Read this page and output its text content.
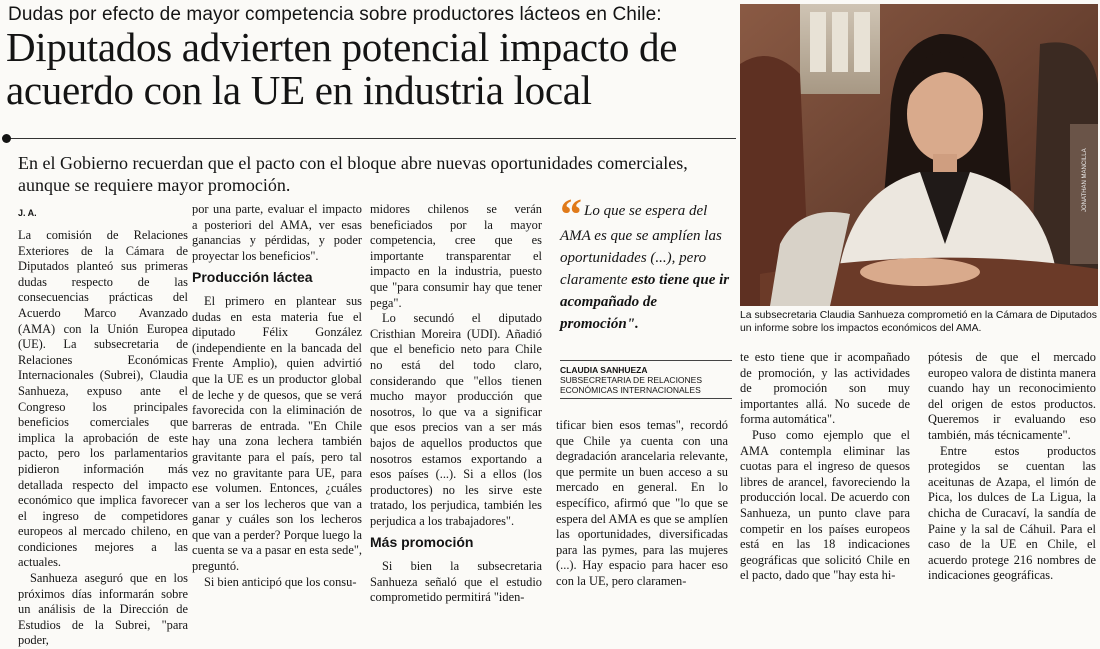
Dudas por efecto de mayor competencia sobre productores lácteos en Chile:
Diputados advierten potencial impacto de acuerdo con la UE en industria local
En el Gobierno recuerdan que el pacto con el bloque abre nuevas oportunidades comerciales, aunque se requiere mayor promoción.
J. A.

La comisión de Relaciones Exteriores de la Cámara de Diputados planteó sus primeras dudas respecto de las consecuencias prácticas del Acuerdo Marco Avanzado (AMA) con la Unión Europea (UE). La subsecretaria de Relaciones Económicas Internacionales (Subrei), Claudia Sanhueza, expuso ante el Congreso los principales beneficios comerciales que implica la aprobación de este pacto, pero los parlamentarios pidieron información más detallada respecto del impacto económico que implica favorecer el ingreso de competidores europeos al mercado chileno, en condiciones mejores a las actuales.

Sanhueza aseguró que en los próximos días informarán sobre un análisis de la Dirección de Estudios de la Subrei, "para poder,

por una parte, evaluar el impacto a posteriori del AMA, ver esas ganancias y pérdidas, y poder proyectar los beneficios".

Producción láctea

El primero en plantear sus dudas en esta materia fue el diputado Félix González (independiente en la bancada del Frente Amplio), quien advirtió que la UE es un productor global de leche y de quesos, que se verá favorecida con la eliminación de barreras de entrada. "En Chile hay una zona lechera también gravitante para el país, pero tal vez no gravitante para UE, para ese volumen. Entonces, ¿cuáles van a ser los lecheros que van a ganar y cuáles son los lecheros que van a perder? Porque luego la cuenta se va a pasar en esta sede", preguntó.

Si bien anticipó que los consu-

midores chilenos se verán beneficiados por la mayor competencia, cree que es importante transparentar el impacto en la industria, puesto que "para consumir hay que tener pega".

Lo secundó el diputado Cristhian Moreira (UDI). Añadió que el beneficio neto para Chile no está del todo claro, considerando que "ellos tienen mucho mayor producción que nosotros, lo que va a significar que esos precios van a ser más bajos de aquellos productos que nosotros estamos exportando a esos países (...). Si a ellos (los productores) no les sirve este tratado, los perjudica, también les perjudica a los trabajadores".

Más promoción

Si bien la subsecretaria Sanhueza señaló que el estudio comprometido permitirá "iden-

“ Lo que se espera del AMA es que se amplíen las oportunidades (...), pero claramente esto tiene que ir acompañado de promoción".
CLAUDIA SANHUEZA
SUBSECRETARIA DE RELACIONES ECONÓMICAS INTERNACIONALES

tificar bien esos temas", recordó que Chile ya cuenta con una degradación arancelaria relevante, que permite un buen acceso a su mercado en general. En lo específico, afirmó que "lo que se espera del AMA es que se amplíen las oportunidades, diversificadas para las pymes, para las mujeres (...). Hay espacio para hacer eso con la UE, pero claramen-

te esto tiene que ir acompañado de promoción, y las actividades de promoción son muy importantes allá. No sucede de forma automática".

Puso como ejemplo que el AMA contempla eliminar las cuotas para el ingreso de quesos libres de arancel, favoreciendo la producción local. De acuerdo con Sanhueza, un punto clave para competir en los países europeos está en las 18 indicaciones geográficas que solicitó Chile en el pacto, dado que "hay esta hi-

pótesis de que el mercado europeo valora de distinta manera cuando hay un reconocimiento del origen de estos productos. Queremos ir evaluando eso también, más técnicamente".

Entre estos productos protegidos se cuentan las aceitunas de Azapa, el limón de Pica, los dulces de La Ligua, la chicha de Curacaví, la sandía de Paine y la sal de Cáhuil. Para el caso de la UE en Chile, el acuerdo protege 216 nombres de indicaciones geográficas.

JONATHAN MANCILLA
La subsecretaria Claudia Sanhueza comprometió en la Cámara de Diputados un informe sobre los impactos económicos del AMA.
